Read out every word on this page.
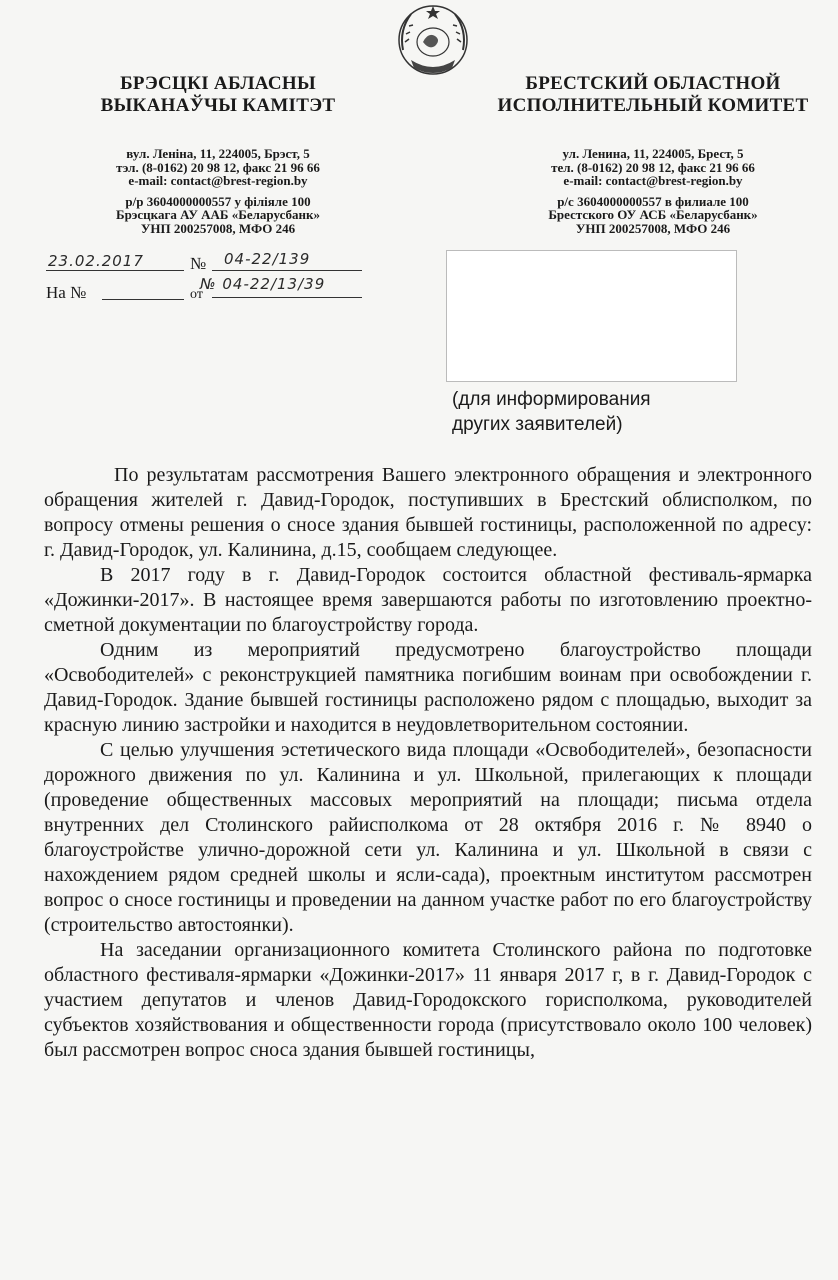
БРЭСЦКІ АБЛАСНЫ
ВЫКАНАЎЧЫ КАМІТЭТ
вул. Леніна, 11, 224005, Брэст, 5
тэл. (8-0162) 20 98 12, факс 21 96 66
e-mail: contact@brest-region.by
р/р 3604000000557 у філіяле 100
Брэсцкага АУ ААБ «Беларусбанк»
УНП 200257008, МФО 246
БРЕСТСКИЙ ОБЛАСТНОЙ
ИСПОЛНИТЕЛЬНЫЙ КОМИТЕТ
ул. Ленина, 11, 224005, Брест, 5
тел. (8-0162) 20 98 12, факс 21 96 66
e-mail: contact@brest-region.by
р/с 3604000000557 в филиале 100
Брестского ОУ АСБ «Беларусбанк»
УНП 200257008, МФО 246
23.02.2017	№ 04-22/139
На №	от
№ 04-22/13/39
(для информирования
других заявителей)

По результатам рассмотрения Вашего электронного обращения и электронного обращения жителей г. Давид-Городок, поступивших в Брестский облисполком, по вопросу отмены решения о сносе здания бывшей гостиницы, расположенной по адресу: г. Давид-Городок, ул. Калинина, д.15, сообщаем следующее.

В 2017 году в г. Давид-Городок состоится областной фестиваль-ярмарка «Дожинки-2017». В настоящее время завершаются работы по изготовлению проектно-сметной документации по благоустройству города.

Одним из мероприятий предусмотрено благоустройство площади «Освободителей» с реконструкцией памятника погибшим воинам при освобождении г. Давид-Городок. Здание бывшей гостиницы расположено рядом с площадью, выходит за красную линию застройки и находится в неудовлетворительном состоянии.

С целью улучшения эстетического вида площади «Освободителей», безопасности дорожного движения по ул. Калинина и ул. Школьной, прилегающих к площади (проведение общественных массовых мероприятий на площади; письма отдела внутренних дел Столинского райисполкома от 28 октября 2016 г. № 8940 о благоустройстве улично-дорожной сети ул. Калинина и ул. Школьной в связи с нахождением рядом средней школы и ясли-сада), проектным институтом рассмотрен вопрос о сносе гостиницы и проведении на данном участке работ по его благоустройству (строительство автостоянки).

На заседании организационного комитета Столинского района по подготовке областного фестиваля-ярмарки «Дожинки-2017» 11 января 2017 г, в г. Давид-Городок с участием депутатов и членов Давид-Городокского горисполкома, руководителей субъектов хозяйствования и общественности города (присутствовало около 100 человек) был рассмотрен вопрос сноса здания бывшей гостиницы,
